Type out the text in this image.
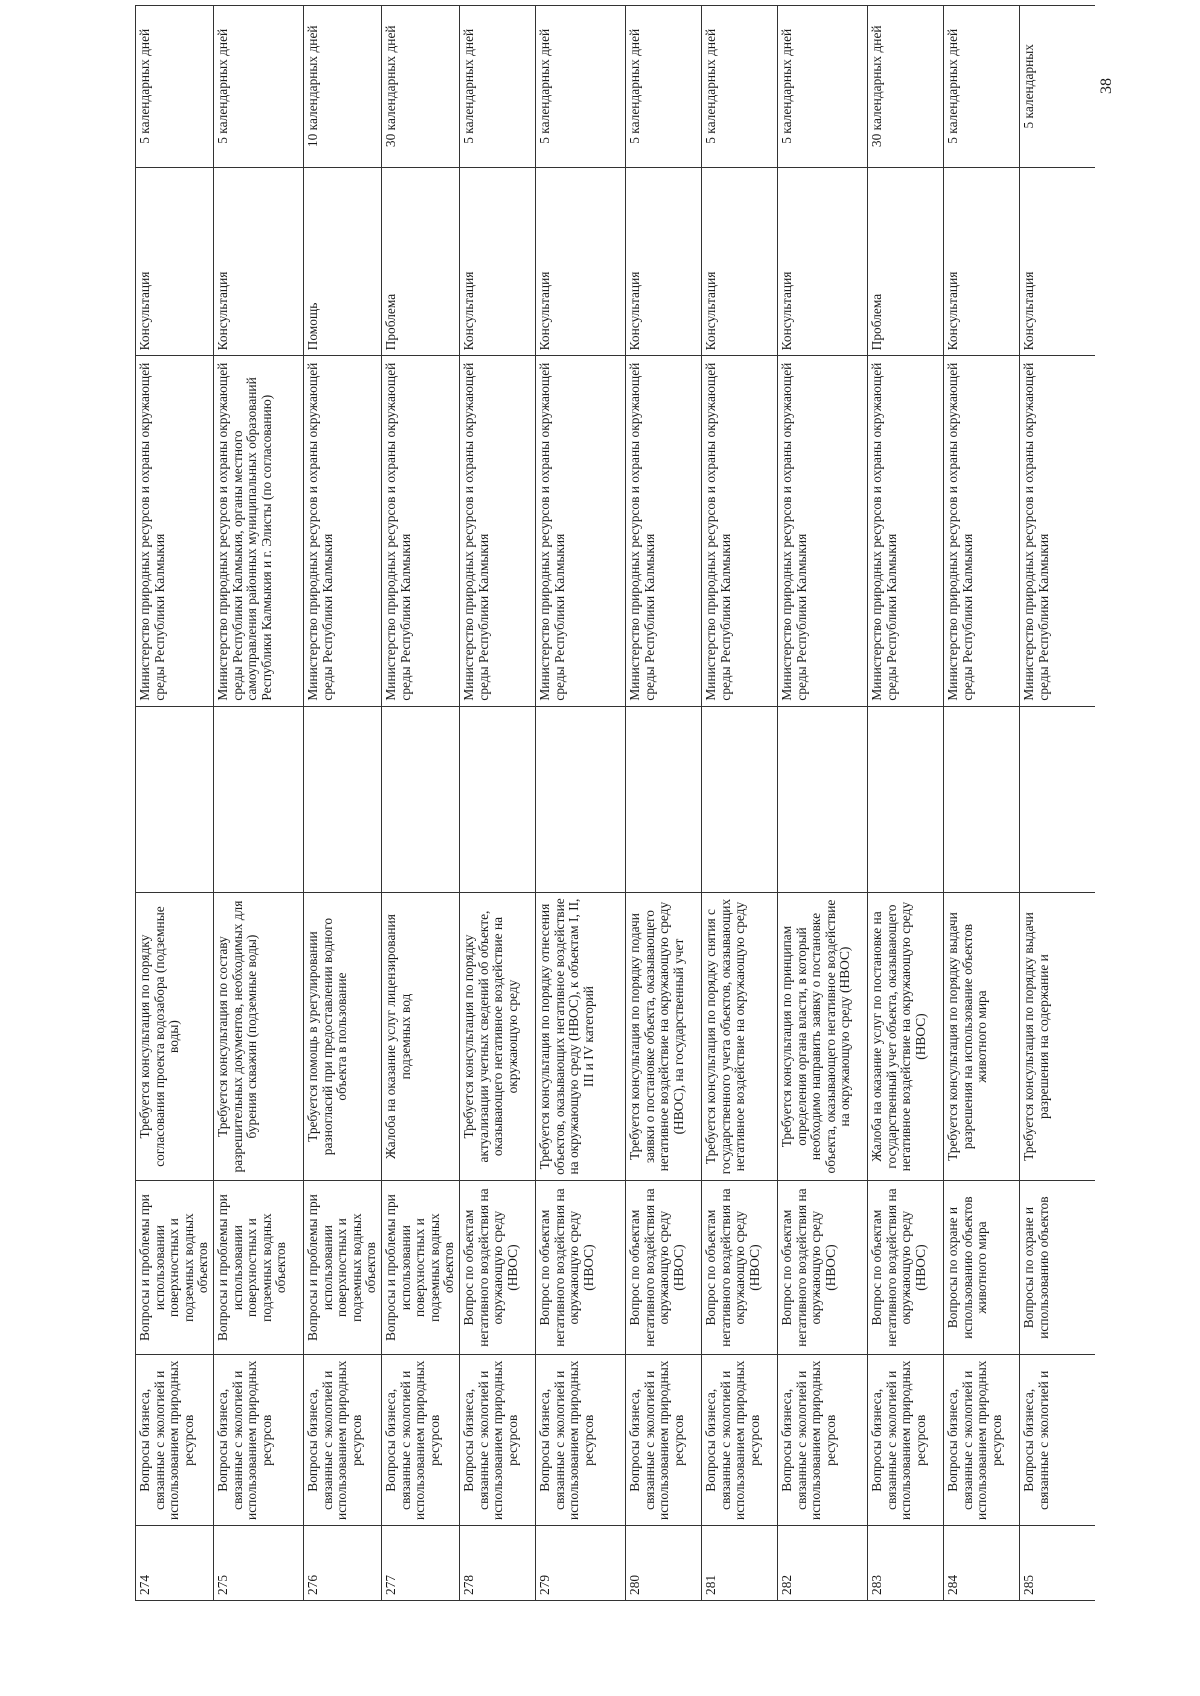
274	Вопросы бизнеса, связанные с экологией и использованием природных ресурсов	Вопросы и проблемы при использовании поверхностных и подземных водных объектов	Требуется консультация по порядку согласования проекта водозабора (подземные воды)		Министерство природных ресурсов и охраны окружающей среды Республики Калмыкия	Консультация	5 календарных дней
275	Вопросы бизнеса, связанные с экологией и использованием природных ресурсов	Вопросы и проблемы при использовании поверхностных и подземных водных объектов	Требуется консультация по составу разрешительных документов, необходимых для бурения скважин (подземные воды)		Министерство природных ресурсов и охраны окружающей среды Республики Калмыкия, органы местного самоуправления районных муниципальных образований Республики Калмыкия и г. Элисты (по согласованию)	Консультация	5 календарных дней
276	Вопросы бизнеса, связанные с экологией и использованием природных ресурсов	Вопросы и проблемы при использовании поверхностных и подземных водных объектов	Требуется помощь в урегулировании разногласий при предоставлении водного объекта в пользование		Министерство природных ресурсов и охраны окружающей среды Республики Калмыкия	Помощь	10 календарных дней
277	Вопросы бизнеса, связанные с экологией и использованием природных ресурсов	Вопросы и проблемы при использовании поверхностных и подземных водных объектов	Жалоба на оказание услуг лицензирования подземных вод		Министерство природных ресурсов и охраны окружающей среды Республики Калмыкия	Проблема	30 календарных дней
278	Вопросы бизнеса, связанные с экологией и использованием природных ресурсов	Вопрос по объектам негативного воздействия на окружающую среду (НВОС)	Требуется консультация по порядку актуализации учетных сведений об объекте, оказывающего негативное воздействие на окружающую среду		Министерство природных ресурсов и охраны окружающей среды Республики Калмыкия	Консультация	5 календарных дней
279	Вопросы бизнеса, связанные с экологией и использованием природных ресурсов	Вопрос по объектам негативного воздействия на окружающую среду (НВОС)	Требуется консультация по порядку отнесения объектов, оказывающих негативное воздействие на окружающую среду (НВОС), к объектам I, II, III и IV категорий		Министерство природных ресурсов и охраны окружающей среды Республики Калмыкия	Консультация	5 календарных дней
280	Вопросы бизнеса, связанные с экологией и использованием природных ресурсов	Вопрос по объектам негативного воздействия на окружающую среду (НВОС)	Требуется консультация по порядку подачи заявки о постановке объекта, оказывающего негативное воздействие на окружающую среду (НВОС), на государственный учет		Министерство природных ресурсов и охраны окружающей среды Республики Калмыкия	Консультация	5 календарных дней
281	Вопросы бизнеса, связанные с экологией и использованием природных ресурсов	Вопрос по объектам негативного воздействия на окружающую среду (НВОС)	Требуется консультация по порядку снятия с государственного учета объектов, оказывающих негативное воздействие на окружающую среду		Министерство природных ресурсов и охраны окружающей среды Республики Калмыкия	Консультация	5 календарных дней
282	Вопросы бизнеса, связанные с экологией и использованием природных ресурсов	Вопрос по объектам негативного воздействия на окружающую среду (НВОС)	Требуется консультация по принципам определения органа власти, в который необходимо направить заявку о постановке объекта, оказывающего негативное воздействие на окружающую среду (НВОС)		Министерство природных ресурсов и охраны окружающей среды Республики Калмыкия	Консультация	5 календарных дней
283	Вопросы бизнеса, связанные с экологией и использованием природных ресурсов	Вопрос по объектам негативного воздействия на окружающую среду (НВОС)	Жалоба на оказание услуг по постановке на государственный учет объекта, оказывающего негативное воздействие на окружающую среду (НВОС)		Министерство природных ресурсов и охраны окружающей среды Республики Калмыкия	Проблема	30 календарных дней
284	Вопросы бизнеса, связанные с экологией и использованием природных ресурсов	Вопросы по охране и использованию объектов животного мира	Требуется консультация по порядку выдачи разрешения на использование объектов животного мира		Министерство природных ресурсов и охраны окружающей среды Республики Калмыкия	Консультация	5 календарных дней
285	Вопросы бизнеса, связанные с экологией и	Вопросы по охране и использованию объектов	Требуется консультация по порядку выдачи разрешения на содержание и		Министерство природных ресурсов и охраны окружающей среды Республики Калмыкия	Консультация	5 календарных	38
